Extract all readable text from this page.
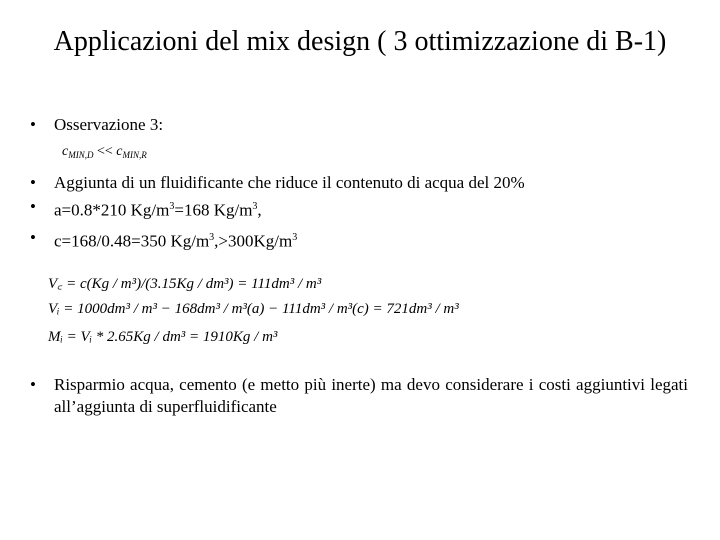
Applicazioni del mix design ( 3 ottimizzazione di B-1)
• Osservazione 3:
$c_{MIN,D} << c_{MIN,R}$
• Aggiunta di un fluidificante che riduce il contenuto di acqua del 20%
• a=0.8*210 $Kg/m^3=168$ $Kg/m^3$,
• c=168/0.48=350 $Kg/m^3,>300Kg/m^3$
V꜀ = c(Kg / m³)/(3.15Kg / dm³) = 111dm³ / m³
Vᵢ = 1000dm³ / m³ − 168dm³ / m³(a) − 111dm³ / m³(c) = 721dm³ / m³
Mᵢ = Vᵢ * 2.65Kg / dm³ = 1910Kg / m³
• Risparmio acqua, cemento (e metto più inerte) ma devo considerare i costi aggiuntivi legati all’aggiunta di superfluidificante
